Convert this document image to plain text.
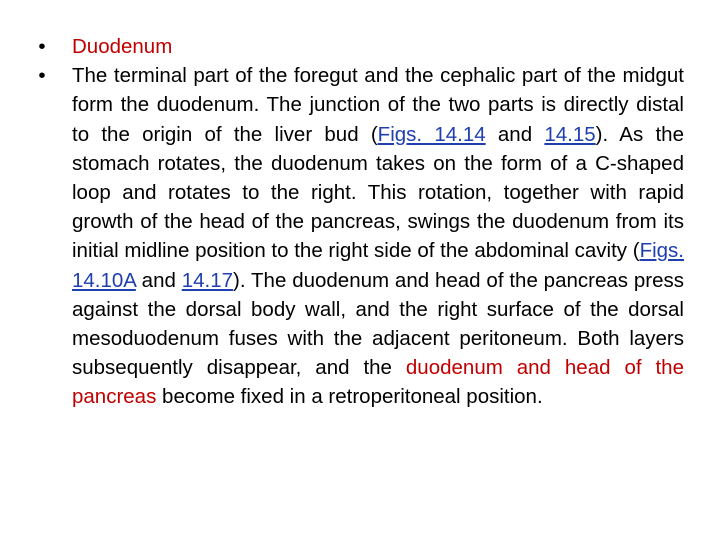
•	Duodenum
•	The terminal part of the foregut and the cephalic part of the midgut form the duodenum. The junction of the two parts is directly distal to the origin of the liver bud (Figs. 14.14 and 14.15). As the stomach rotates, the duodenum takes on the form of a C-shaped loop and rotates to the right. This rotation, together with rapid growth of the head of the pancreas, swings the duodenum from its initial midline position to the right side of the abdominal cavity (Figs. 14.10A and 14.17). The duodenum and head of the pancreas press against the dorsal body wall, and the right surface of the dorsal mesoduodenum fuses with the adjacent peritoneum. Both layers subsequently disappear, and the duodenum and head of the pancreas become fixed in a retroperitoneal position.
